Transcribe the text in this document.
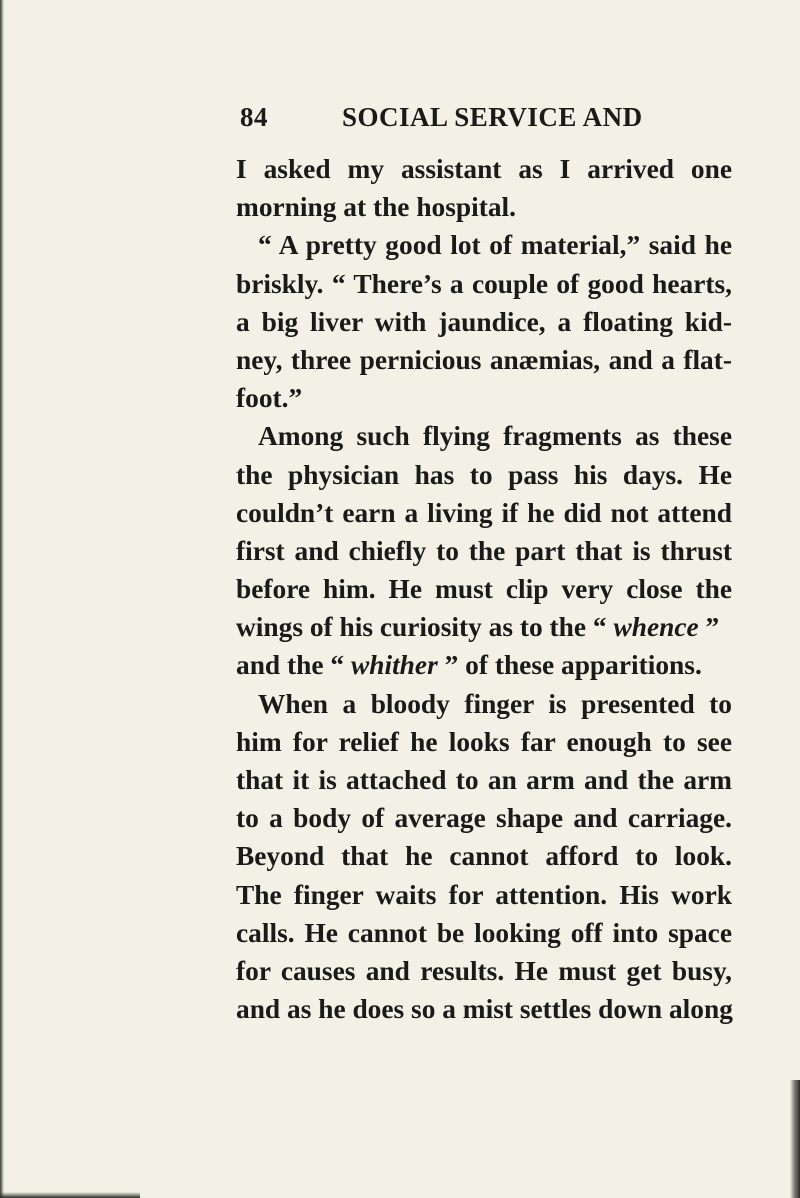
84	SOCIAL SERVICE AND
I asked my assistant as I arrived one
morning at the hospital.
“ A pretty good lot of material,” said he
briskly. “ There’s a couple of good hearts,
a big liver with jaundice, a floating kid-
ney, three pernicious anæmias, and a flat-
foot.”
Among such flying fragments as these
the physician has to pass his days. He
couldn’t earn a living if he did not attend
first and chiefly to the part that is thrust
before him. He must clip very close the
wings of his curiosity as to the “ whence ”
and the “ whither ” of these apparitions.
When a bloody finger is presented to
him for relief he looks far enough to see
that it is attached to an arm and the arm
to a body of average shape and carriage.
Beyond that he cannot afford to look.
The finger waits for attention. His work
calls. He cannot be looking off into space
for causes and results. He must get busy,
and as he does so a mist settles down along
